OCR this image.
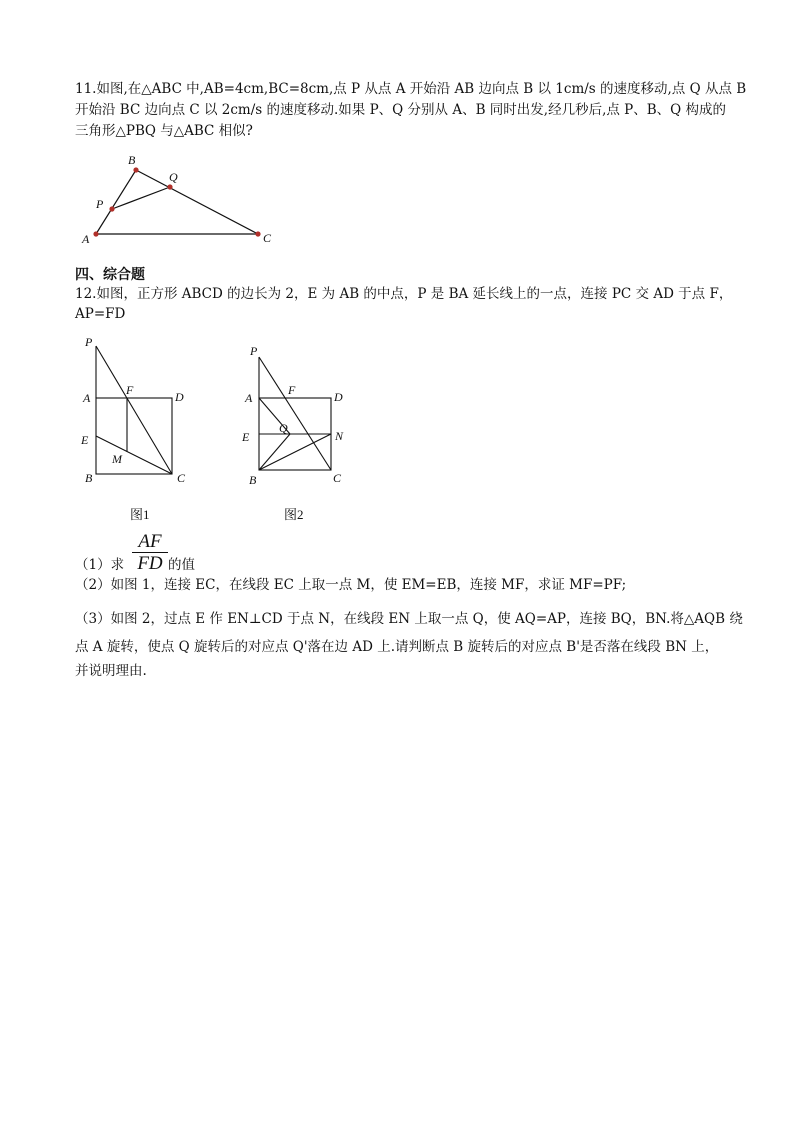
11.如图,在△ABC 中,AB=4cm,BC=8cm,点 P 从点 A 开始沿 AB 边向点 B 以 1cm/s 的速度移动,点 Q 从点 B
开始沿 BC 边向点 C 以 2cm/s 的速度移动.如果 P、Q 分别从 A、B 同时出发,经几秒后,点 P、B、Q 构成的
三角形△PBQ 与△ABC 相似?
B
Q
P
A	C
四、综合题
12.如图，正方形 ABCD 的边长为 2，E 为 AB 的中点，P 是 BA 延长线上的一点，连接 PC 交 AD 于点 F，
AP=FD
P
A
F	D
E
M
B	C
图1
P
A
F	D
E
Q
N
B	C
图2
（1）求 $\frac{AF}{FD}$ 的值
（2）如图 1，连接 EC，在线段 EC 上取一点 M，使 EM=EB，连接 MF，求证 MF=PF;
（3）如图 2，过点 E 作 EN⊥CD 于点 N，在线段 EN 上取一点 Q，使 AQ=AP，连接 BQ，BN.将△AQB 绕
点 A 旋转，使点 Q 旋转后的对应点 Q'落在边 AD 上.请判断点 B 旋转后的对应点 B'是否落在线段 BN 上，
并说明理由.
